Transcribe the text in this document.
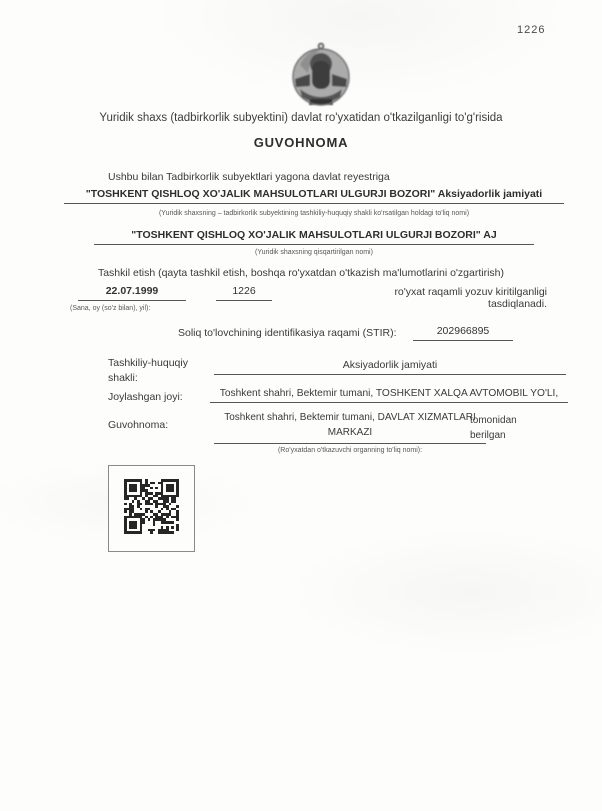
1226
Yuridik shaxs (tadbirkorlik subyektini) davlat ro'yxatidan o'tkazilganligi to'g'risida
GUVOHNOMA
Ushbu bilan Tadbirkorlik subyektlari yagona davlat reyestriga
"TOSHKENT QISHLOQ XO'JALIK MAHSULOTLARI ULGURJI BOZORI" Aksiyadorlik jamiyati
(Yuridik shaxsning – tadbirkorlik subyektining tashkiliy-huquqiy shakli ko'rsatilgan holdagi to'liq nomi)
"TOSHKENT QISHLOQ XO'JALIK MAHSULOTLARI ULGURJI BOZORI" AJ
(Yuridik shaxsning qisqartirilgan nomi)
Tashkil etish (qayta tashkil etish, boshqa ro'yxatdan o'tkazish ma'lumotlarini o'zgartirish)
22.07.1999	1226	ro'yxat raqamli yozuv kiritilganligi tasdiqlanadi.
(Sana, oy (so'z bilan), yil):
Soliq to'lovchining identifikasiya raqami (STIR):	202966895
Tashkiliy-huquqiy shakli:
Aksiyadorlik jamiyati
Joylashgan joyi:	Toshkent shahri, Bektemir tumani, TOSHKENT XALQA AVTOMOBIL YO'LI,
Guvohnoma:
Toshkent shahri, Bektemir tumani, DAVLAT XIZMATLARI MARKAZI
tomonidan berilgan
(Ro'yxatdan o'tkazuvchi organning to'liq nomi):
